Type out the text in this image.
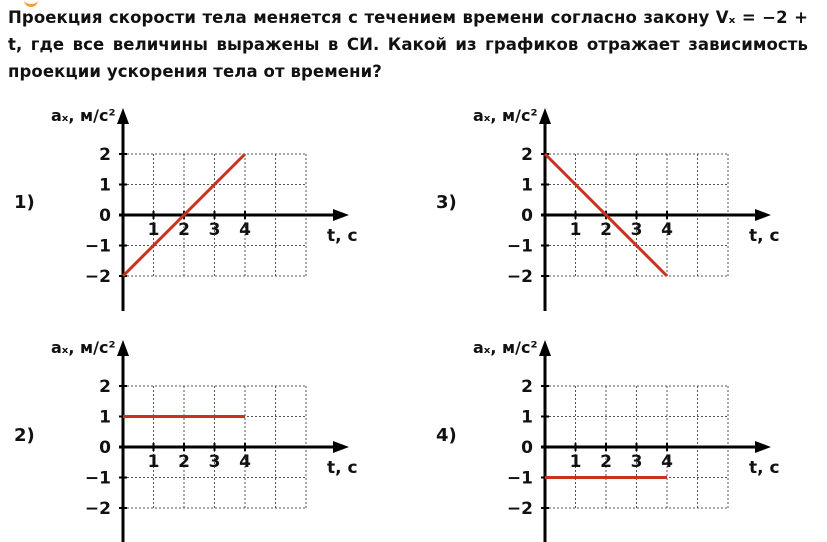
Проекция скорости тела меняется с течением времени согласно закону Vₓ = −2 + t, где все величины выражены в СИ. Какой из графиков отражает зависимость проекции ускорения тела от времени?
1)	3)
2)	4)
2
1
0
−1
−2
1 2 3 4
aₓ, м/с²
t, с
2
1
0
−1
−2
1 2 3 4
aₓ, м/с²
t, с
2
1
0
−1
−2
1 2 3 4
aₓ, м/с²
t, с
2
1
0
−1
−2
1 2 3 4
aₓ, м/с²
t, с
